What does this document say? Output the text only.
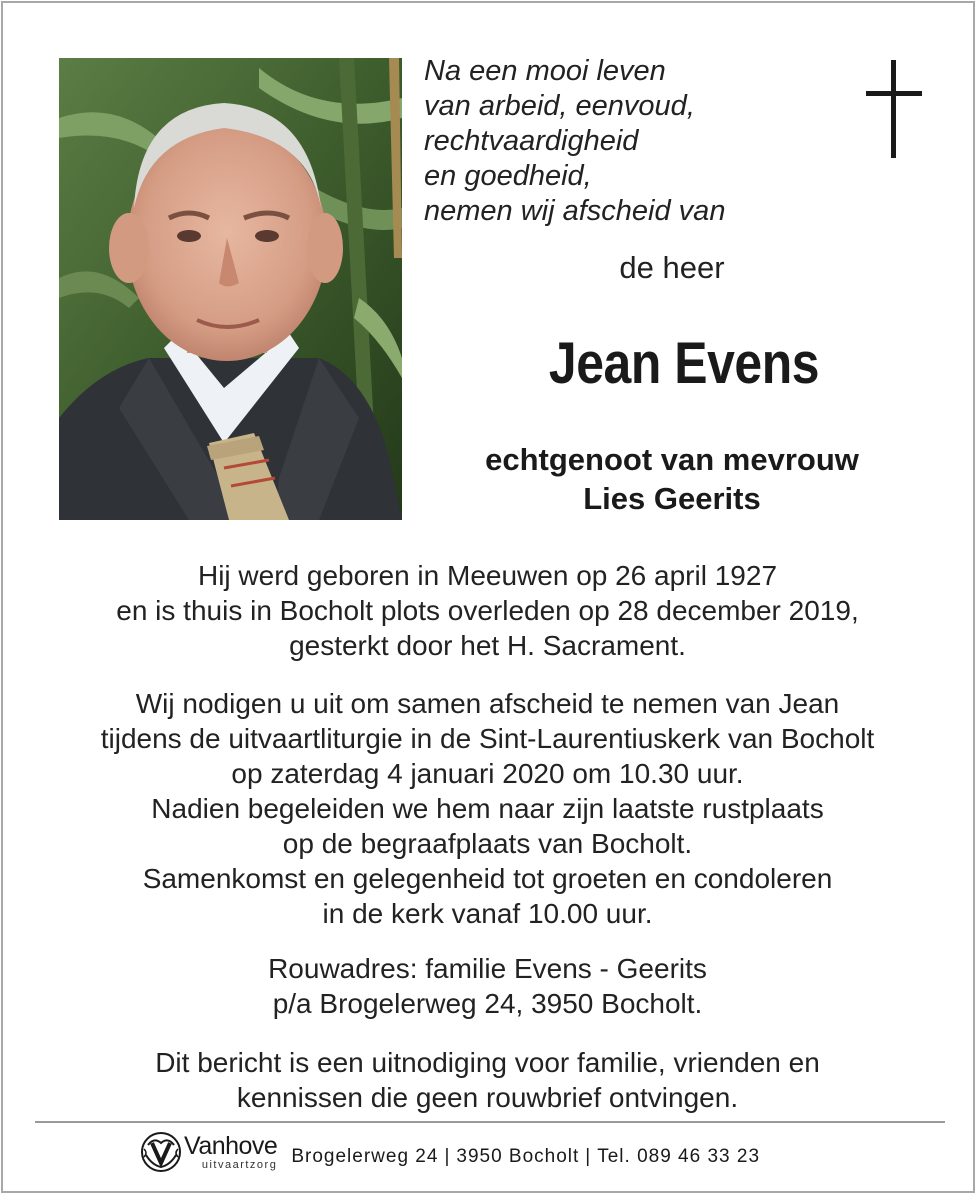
Na een mooi leven
van arbeid, eenvoud,
rechtvaardigheid
en goedheid,
nemen wij afscheid van
de heer
Jean Evens
echtgenoot van mevrouw
Lies Geerits
Hij werd geboren in Meeuwen op 26 april 1927
en is thuis in Bocholt plots overleden op 28 december 2019,
gesterkt door het H. Sacrament.
Wij nodigen u uit om samen afscheid te nemen van Jean
tijdens de uitvaartliturgie in de Sint-Laurentiuskerk van Bocholt
op zaterdag 4 januari 2020 om 10.30 uur.
Nadien begeleiden we hem naar zijn laatste rustplaats
op de begraafplaats van Bocholt.
Samenkomst en gelegenheid tot groeten en condoleren
in de kerk vanaf 10.00 uur.
Rouwadres: familie Evens - Geerits
p/a Brogelerweg 24, 3950 Bocholt.
Dit bericht is een uitnodiging voor familie, vrienden en
kennissen die geen rouwbrief ontvingen.
Vanhove
uitvaartzorg Brogelerweg 24 | 3950 Bocholt | Tel. 089 46 33 23
